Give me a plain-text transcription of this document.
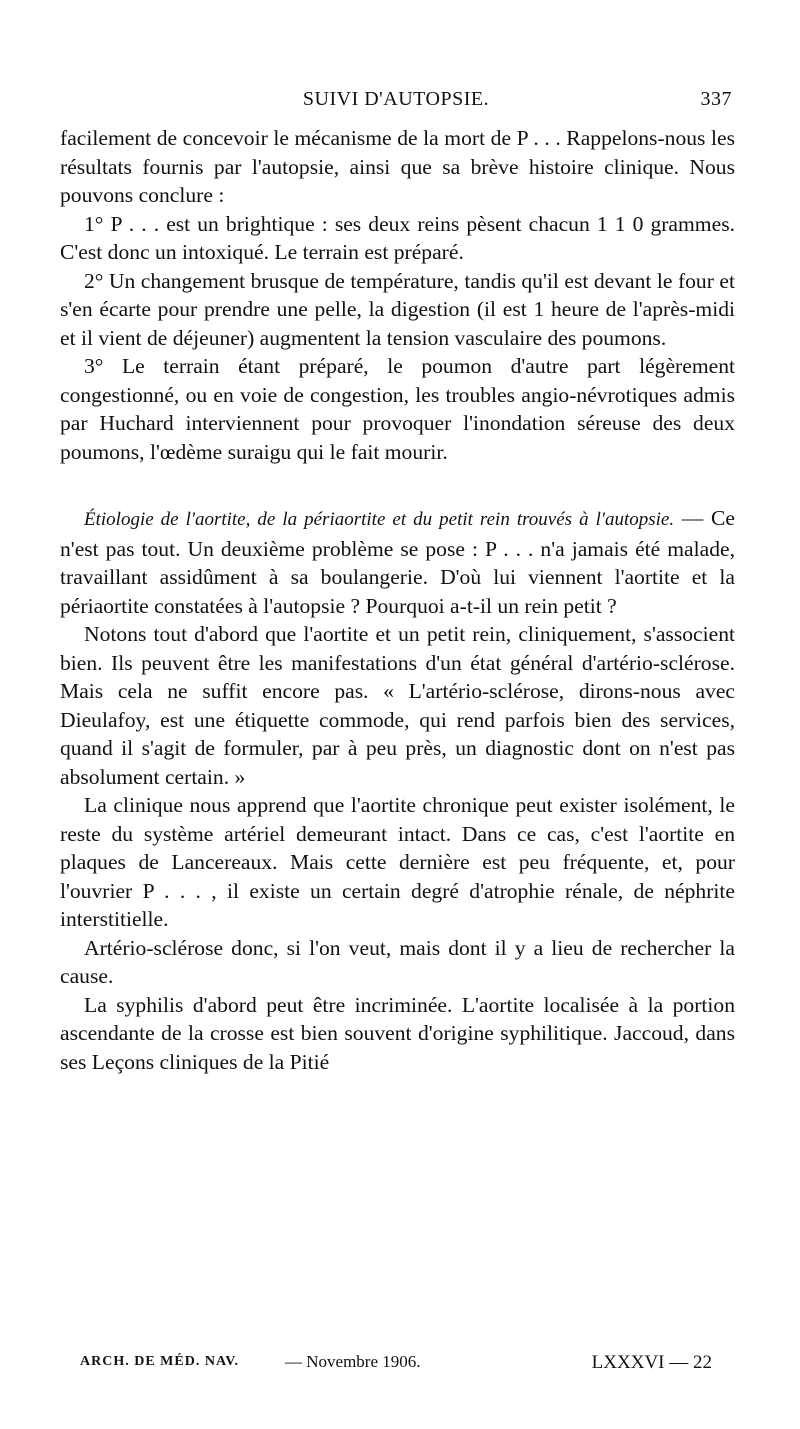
SUIVI D'AUTOPSIE.	337

facilement de concevoir le mécanisme de la mort de P . . . Rappelons-nous les résultats fournis par l'autopsie, ainsi que sa brève histoire clinique. Nous pouvons conclure :

1° P . . . est un brightique : ses deux reins pèsent chacun 1 1 0 grammes. C'est donc un intoxiqué. Le terrain est préparé.

2° Un changement brusque de température, tandis qu'il est devant le four et s'en écarte pour prendre une pelle, la digestion (il est 1 heure de l'après-midi et il vient de déjeuner) augmentent la tension vasculaire des poumons.

3° Le terrain étant préparé, le poumon d'autre part légèrement congestionné, ou en voie de congestion, les troubles angio-névrotiques admis par Huchard interviennent pour provoquer l'inondation séreuse des deux poumons, l'œdème suraigu qui le fait mourir.

Étiologie de l'aortite, de la périaortite et du petit rein trouvés à l'autopsie. — Ce n'est pas tout. Un deuxième problème se pose : P . . . n'a jamais été malade, travaillant assidûment à sa boulangerie. D'où lui viennent l'aortite et la périaortite constatées à l'autopsie ? Pourquoi a-t-il un rein petit ?

Notons tout d'abord que l'aortite et un petit rein, cliniquement, s'associent bien. Ils peuvent être les manifestations d'un état général d'artério-sclérose. Mais cela ne suffit encore pas. « L'artério-sclérose, dirons-nous avec Dieulafoy, est une étiquette commode, qui rend parfois bien des services, quand il s'agit de formuler, par à peu près, un diagnostic dont on n'est pas absolument certain. »

La clinique nous apprend que l'aortite chronique peut exister isolément, le reste du système artériel demeurant intact. Dans ce cas, c'est l'aortite en plaques de Lancereaux. Mais cette dernière est peu fréquente, et, pour l'ouvrier P . . . , il existe un certain degré d'atrophie rénale, de néphrite interstitielle.

Artério-sclérose donc, si l'on veut, mais dont il y a lieu de rechercher la cause.

La syphilis d'abord peut être incriminée. L'aortite localisée à la portion ascendante de la crosse est bien souvent d'origine syphilitique. Jaccoud, dans ses Leçons cliniques de la Pitié

ARCH. DE MÉD. NAV.	— Novembre 1906.	LXXXVI — 22
